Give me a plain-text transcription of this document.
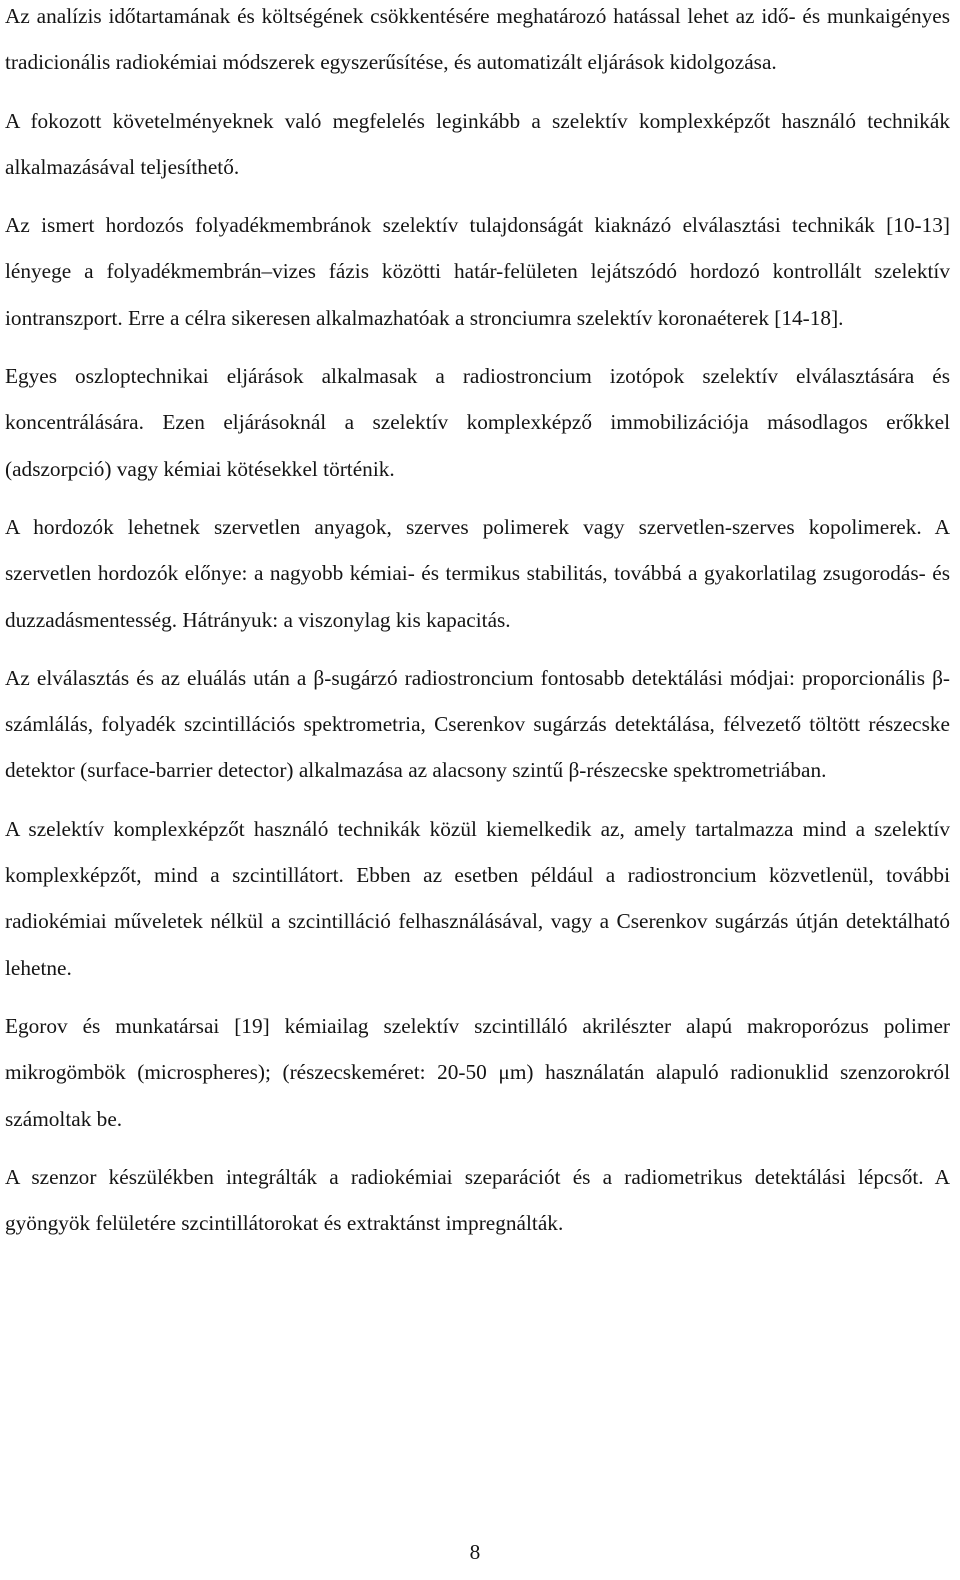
Az analízis időtartamának és költségének csökkentésére meghatározó hatással lehet az idő- és munkaigényes tradicionális radiokémiai módszerek egyszerűsítése, és automatizált eljárások kidolgozása.

A fokozott követelményeknek való megfelelés leginkább a szelektív komplexképzőt használó technikák alkalmazásával teljesíthető.

Az ismert hordozós folyadékmembránok szelektív tulajdonságát kiaknázó elválasztási technikák [10-13] lényege a folyadékmembrán–vizes fázis közötti határ-felületen lejátszódó hordozó kontrollált szelektív iontranszport. Erre a célra sikeresen alkalmazhatóak a stronciumra szelektív koronaéterek [14-18].

Egyes oszloptechnikai eljárások alkalmasak a radiostroncium izotópok szelektív elválasztására és koncentrálására. Ezen eljárásoknál a szelektív komplexképző immobilizációja másodlagos erőkkel (adszorpció) vagy kémiai kötésekkel történik.

A hordozók lehetnek szervetlen anyagok, szerves polimerek vagy szervetlen-szerves kopolimerek. A szervetlen hordozók előnye: a nagyobb kémiai- és termikus stabilitás, továbbá a gyakorlatilag zsugorodás- és duzzadásmentesség. Hátrányuk: a viszonylag kis kapacitás.

Az elválasztás és az eluálás után a β-sugárzó radiostroncium fontosabb detektálási módjai: proporcionális β-számlálás, folyadék szcintillációs spektrometria, Cserenkov sugárzás detektálása, félvezető töltött részecske detektor (surface-barrier detector) alkalmazása az alacsony szintű β-részecske spektrometriában.

A szelektív komplexképzőt használó technikák közül kiemelkedik az, amely tartalmazza mind a szelektív komplexképzőt, mind a szcintillátort. Ebben az esetben például a radiostroncium közvetlenül, további radiokémiai műveletek nélkül a szcintilláció felhasználásával, vagy a Cserenkov sugárzás útján detektálható lehetne.

Egorov és munkatársai [19] kémiailag szelektív szcintilláló akrilészter alapú makroporózus polimer mikrogömbök (microspheres); (részecskeméret: 20-50 μm) használatán alapuló radionuklid szenzorokról számoltak be.

A szenzor készülékben integrálták a radiokémiai szeparációt és a radiometrikus detektálási lépcsőt. A gyöngyök felületére szcintillátorokat és extraktánst impregnálták.

8
